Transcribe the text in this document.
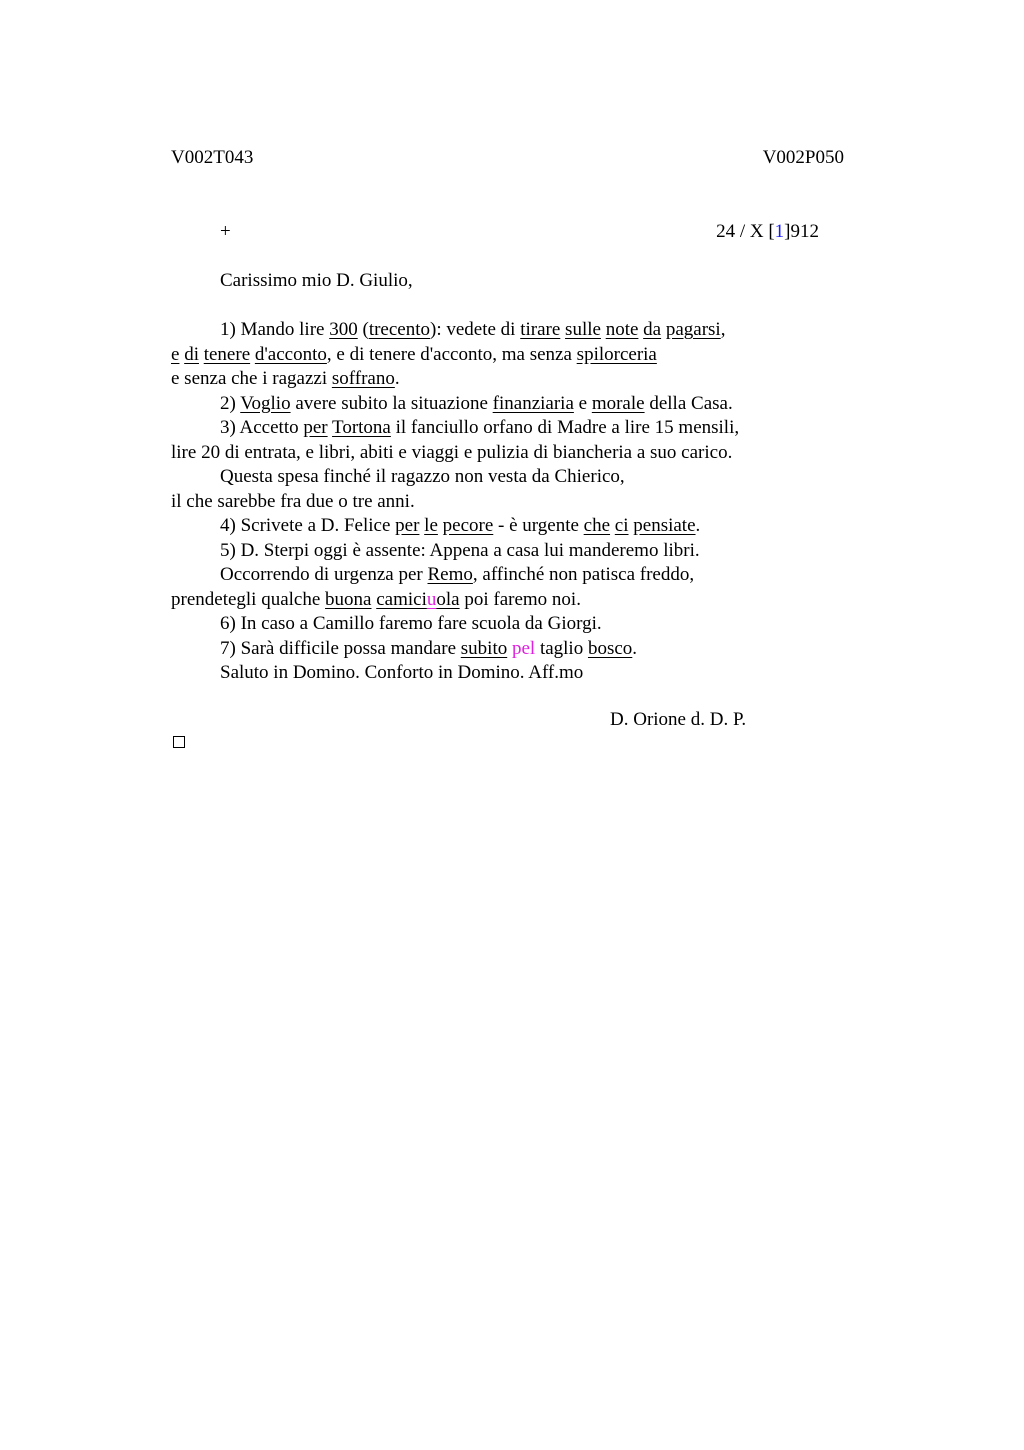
V002T043	V002P050
+	24 / X [1]912
Carissimo mio D. Giulio,
1) Mando lire 300 (trecento): vedete di tirare sulle note da pagarsi,
e di tenere d'acconto, e di tenere d'acconto, ma senza spilorceria
e senza che i ragazzi soffrano.
2) Voglio avere subito la situazione finanziaria e morale della Casa.
3) Accetto per Tortona il fanciullo orfano di Madre a lire 15 mensili,
lire 20 di entrata, e libri, abiti e viaggi e pulizia di biancheria a suo carico.
Questa spesa finché il ragazzo non vesta da Chierico,
il che sarebbe fra due o tre anni.
4) Scrivete a D. Felice per le pecore - è urgente che ci pensiate.
5) D. Sterpi oggi è assente: Appena a casa lui manderemo libri.
Occorrendo di urgenza per Remo, affinché non patisca freddo,
prendetegli qualche buona camiciuola poi faremo noi.
6) In caso a Camillo faremo fare scuola da Giorgi.
7) Sarà difficile possa mandare subito pel taglio bosco.
Saluto in Domino. Conforto in Domino. Aff.mo
D. Orione d. D. P.
